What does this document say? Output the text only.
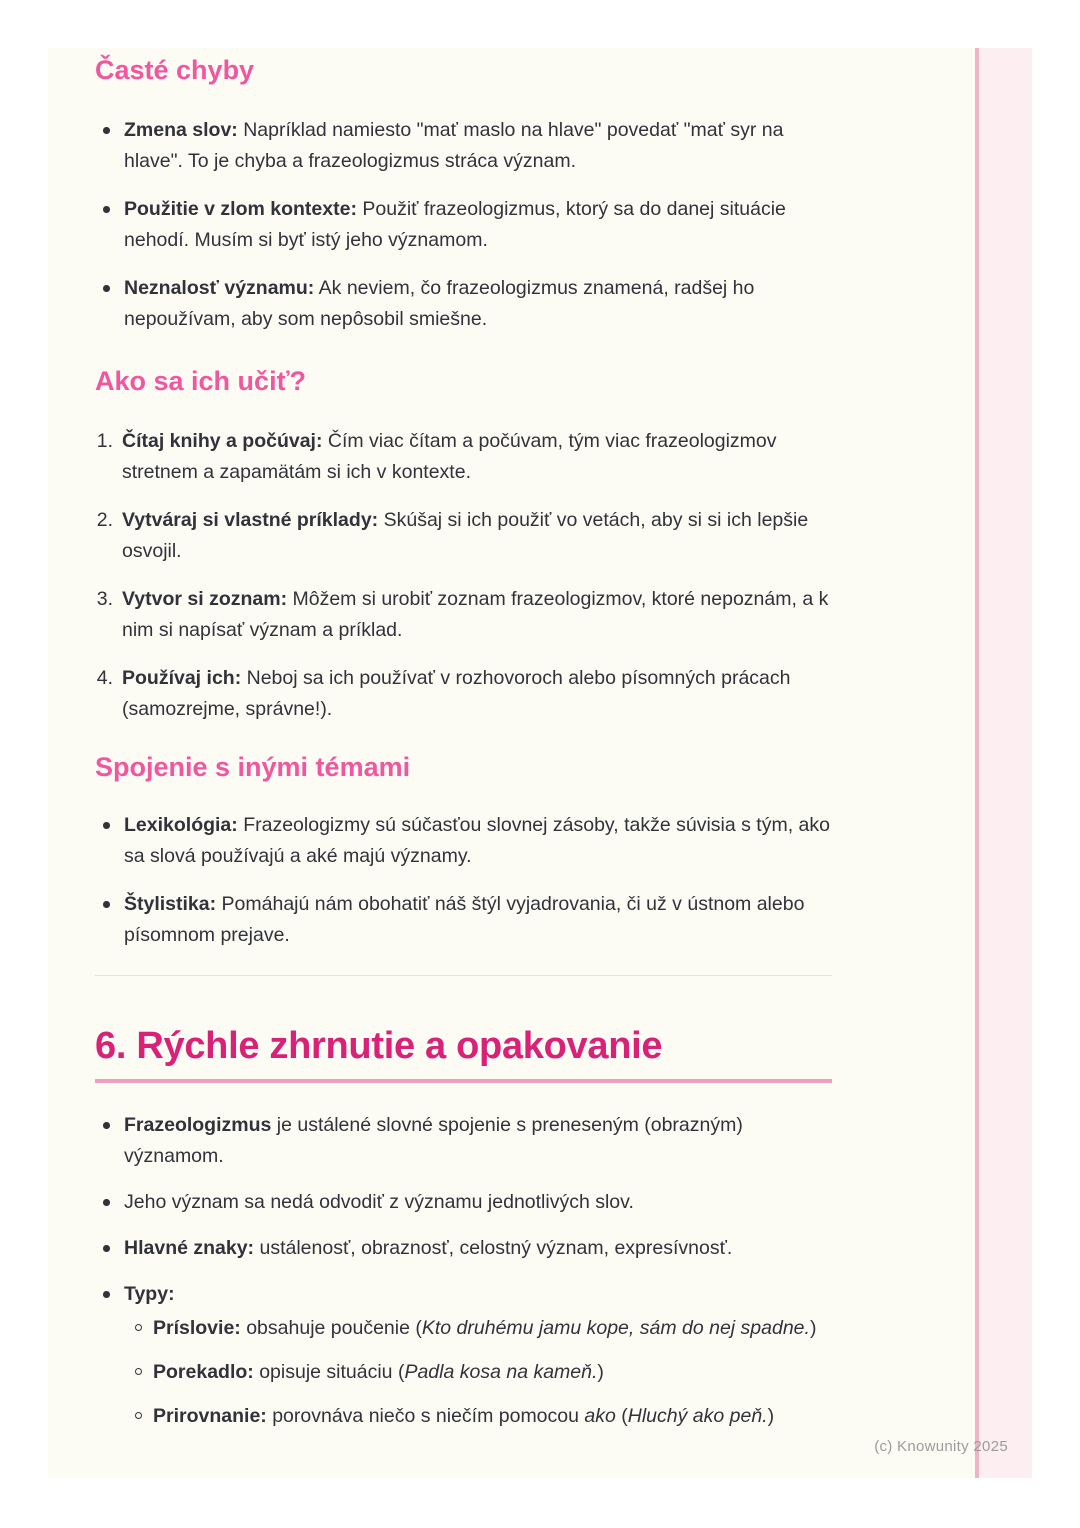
Časté chyby
Zmena slov: Napríklad namiesto "mať maslo na hlave" povedať "mať syr na hlave". To je chyba a frazeologizmus stráca význam.
Použitie v zlom kontexte: Použiť frazeologizmus, ktorý sa do danej situácie nehodí. Musím si byť istý jeho významom.
Neznalosť významu: Ak neviem, čo frazeologizmus znamená, radšej ho nepoužívam, aby som nepôsobil smiešne.
Ako sa ich učiť?
Čítaj knihy a počúvaj: Čím viac čítam a počúvam, tým viac frazeologizmov stretnem a zapamätám si ich v kontexte.
Vytváraj si vlastné príklady: Skúšaj si ich použiť vo vetách, aby si si ich lepšie osvojil.
Vytvor si zoznam: Môžem si urobiť zoznam frazeologizmov, ktoré nepoznám, a k nim si napísať význam a príklad.
Používaj ich: Neboj sa ich používať v rozhovoroch alebo písomných prácach (samozrejme, správne!).
Spojenie s inými témami
Lexikológia: Frazeologizmy sú súčasťou slovnej zásoby, takže súvisia s tým, ako sa slová používajú a aké majú významy.
Štylistika: Pomáhajú nám obohatiť náš štýl vyjadrovania, či už v ústnom alebo písomnom prejave.
6. Rýchle zhrnutie a opakovanie
Frazeologizmus je ustálené slovné spojenie s preneseným (obrazným) významom.
Jeho význam sa nedá odvodiť z významu jednotlivých slov.
Hlavné znaky: ustálenosť, obraznosť, celostný význam, expresívnosť.
Typy:
Príslovie: obsahuje poučenie (Kto druhému jamu kope, sám do nej spadne.)
Porekadlo: opisuje situáciu (Padla kosa na kameň.)
Prirovnanie: porovnáva niečo s niečím pomocou ako (Hluchý ako peň.)
(c) Knowunity 2025
